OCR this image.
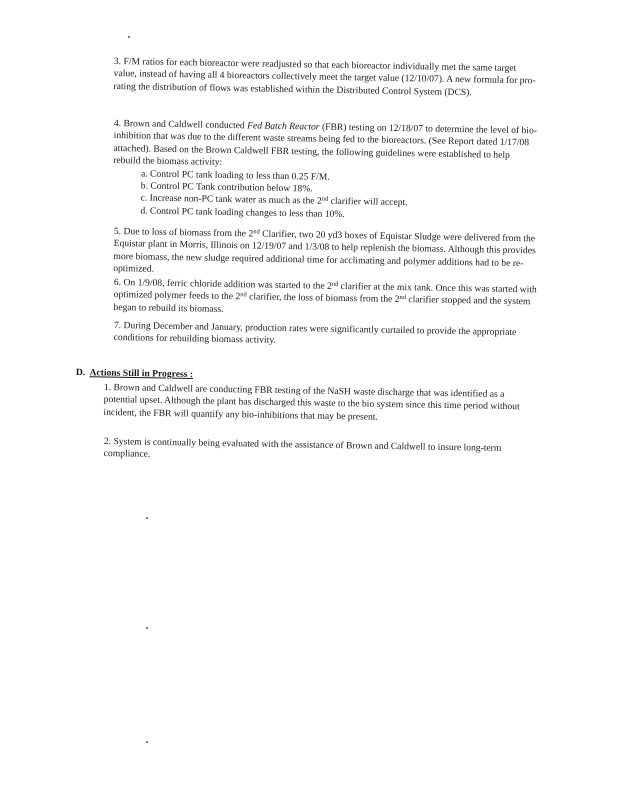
3. F/M ratios for each bioreactor were readjusted so that each bioreactor individually met the same target value, instead of having all 4 bioreactors collectively meet the target value (12/10/07). A new formula for pro-rating the distribution of flows was established within the Distributed Control System (DCS).
4. Brown and Caldwell conducted Fed Batch Reactor (FBR) testing on 12/18/07 to determine the level of bio-inhibition that was due to the different waste streams being fed to the bioreactors. (See Report dated 1/17/08 attached). Based on the Brown Caldwell FBR testing, the following guidelines were established to help rebuild the biomass activity:
a. Control PC tank loading to less than 0.25 F/M.
b. Control PC Tank contribution below 18%.
c. Increase non-PC tank water as much as the 2nd clarifier will accept.
d. Control PC tank loading changes to less than 10%.
5. Due to loss of biomass from the 2nd Clarifier, two 20 yd3 boxes of Equistar Sludge were delivered from the Equistar plant in Morris, Illinois on 12/19/07 and 1/3/08 to help replenish the biomass. Although this provides more biomass, the new sludge required additional time for acclimating and polymer additions had to be re-optimized.
6. On 1/9/08, ferric chloride addition was started to the 2nd clarifier at the mix tank. Once this was started with optimized polymer feeds to the 2nd clarifier, the loss of biomass from the 2nd clarifier stopped and the system began to rebuild its biomass.
7. During December and January, production rates were significantly curtailed to provide the appropriate conditions for rebuilding biomass activity.
D. Actions Still in Progress :
1. Brown and Caldwell are conducting FBR testing of the NaSH waste discharge that was identified as a potential upset. Although the plant has discharged this waste to the bio system since this time period without incident, the FBR will quantify any bio-inhibitions that may be present.
2. System is continually being evaluated with the assistance of Brown and Caldwell to insure long-term compliance.
